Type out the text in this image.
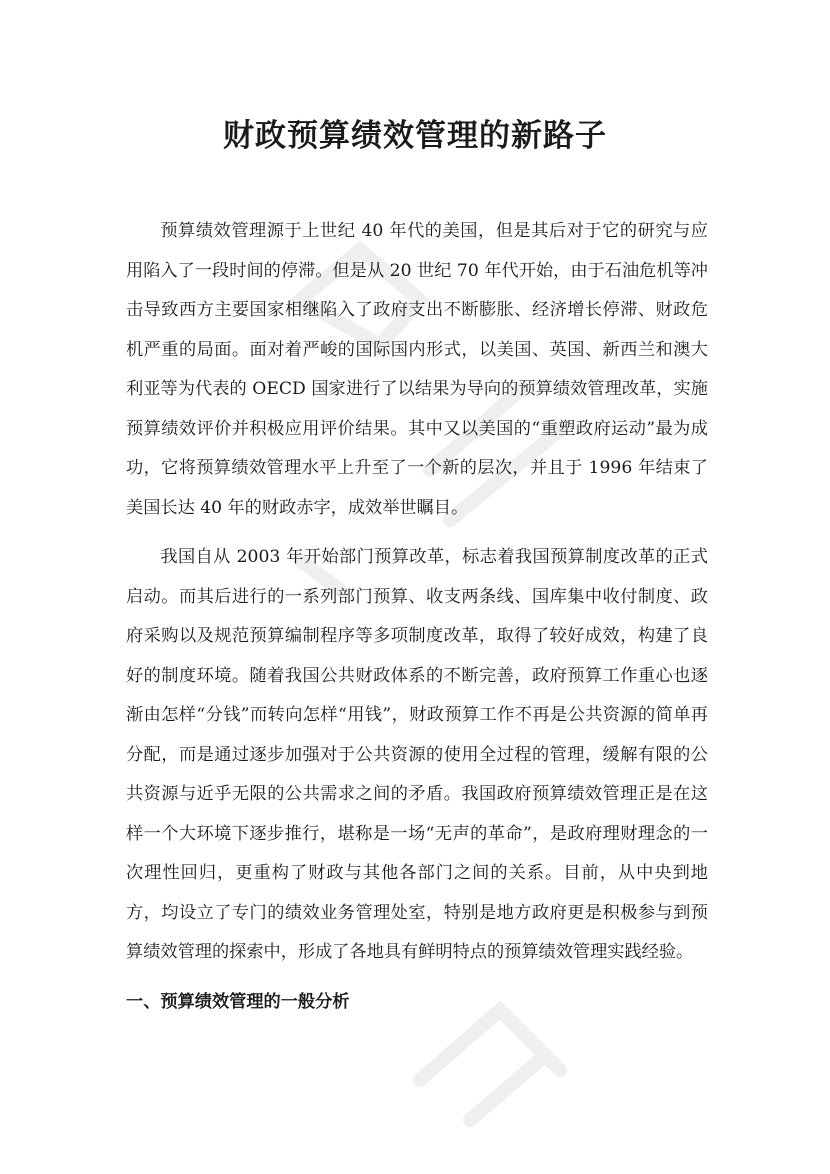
财政预算绩效管理的新路子

预算绩效管理源于上世纪 40 年代的美国，但是其后对于它的研究与应用陷入了一段时间的停滞。但是从 20 世纪 70 年代开始，由于石油危机等冲击导致西方主要国家相继陷入了政府支出不断膨胀、经济增长停滞、财政危机严重的局面。面对着严峻的国际国内形式，以美国、英国、新西兰和澳大利亚等为代表的 OECD 国家进行了以结果为导向的预算绩效管理改革，实施预算绩效评价并积极应用评价结果。其中又以美国的“重塑政府运动”最为成功，它将预算绩效管理水平上升至了一个新的层次，并且于 1996 年结束了美国长达 40 年的财政赤字，成效举世瞩目。

我国自从 2003 年开始部门预算改革，标志着我国预算制度改革的正式启动。而其后进行的一系列部门预算、收支两条线、国库集中收付制度、政府采购以及规范预算编制程序等多项制度改革，取得了较好成效，构建了良好的制度环境。随着我国公共财政体系的不断完善，政府预算工作重心也逐渐由怎样“分钱”而转向怎样“用钱”，财政预算工作不再是公共资源的简单再分配，而是通过逐步加强对于公共资源的使用全过程的管理，缓解有限的公共资源与近乎无限的公共需求之间的矛盾。我国政府预算绩效管理正是在这样一个大环境下逐步推行，堪称是一场“无声的革命”，是政府理财理念的一次理性回归，更重构了财政与其他各部门之间的关系。目前，从中央到地方，均设立了专门的绩效业务管理处室，特别是地方政府更是积极参与到预算绩效管理的探索中，形成了各地具有鲜明特点的预算绩效管理实践经验。

一、预算绩效管理的一般分析
